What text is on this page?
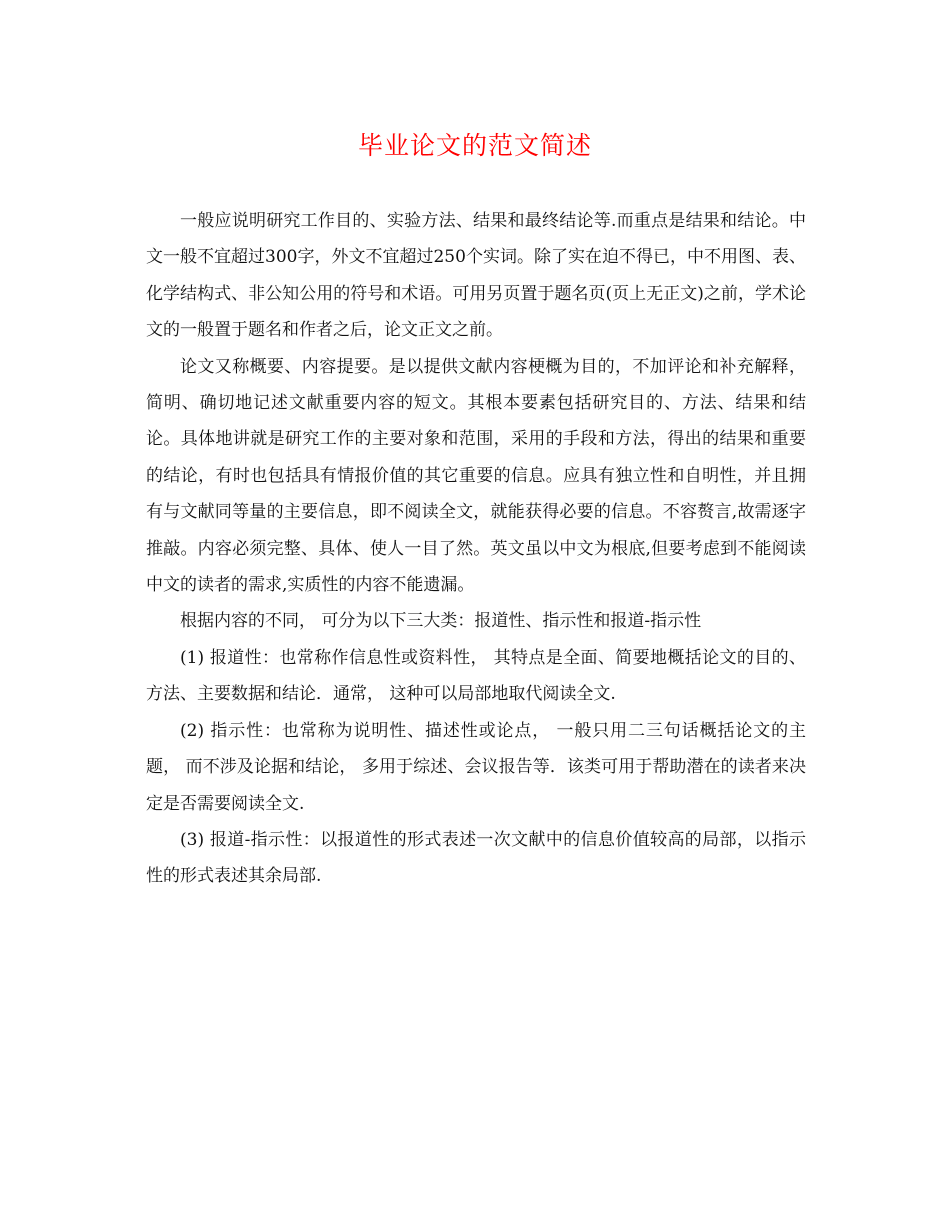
毕业论文的范文简述

一般应说明研究工作目的、实验方法、结果和最终结论等.而重点是结果和结论。中文一般不宜超过300字，外文不宜超过250个实词。除了实在迫不得已，中不用图、表、化学结构式、非公知公用的符号和术语。可用另页置于题名页(页上无正文)之前，学术论文的一般置于题名和作者之后，论文正文之前。

论文又称概要、内容提要。是以提供文献内容梗概为目的，不加评论和补充解释，简明、确切地记述文献重要内容的短文。其根本要素包括研究目的、方法、结果和结论。具体地讲就是研究工作的主要对象和范围，采用的手段和方法，得出的结果和重要的结论，有时也包括具有情报价值的其它重要的信息。应具有独立性和自明性，并且拥有与文献同等量的主要信息，即不阅读全文，就能获得必要的信息。不容赘言,故需逐字推敲。内容必须完整、具体、使人一目了然。英文虽以中文为根底,但要考虑到不能阅读中文的读者的需求,实质性的内容不能遗漏。

根据内容的不同， 可分为以下三大类：报道性、指示性和报道-指示性

(1) 报道性：也常称作信息性或资料性， 其特点是全面、简要地概括论文的目的、方法、主要数据和结论．通常， 这种可以局部地取代阅读全文.

(2) 指示性：也常称为说明性、描述性或论点， 一般只用二三句话概括论文的主题， 而不涉及论据和结论， 多用于综述、会议报告等．该类可用于帮助潜在的读者来决定是否需要阅读全文.

(3) 报道-指示性：以报道性的形式表述一次文献中的信息价值较高的局部，以指示性的形式表述其余局部.
